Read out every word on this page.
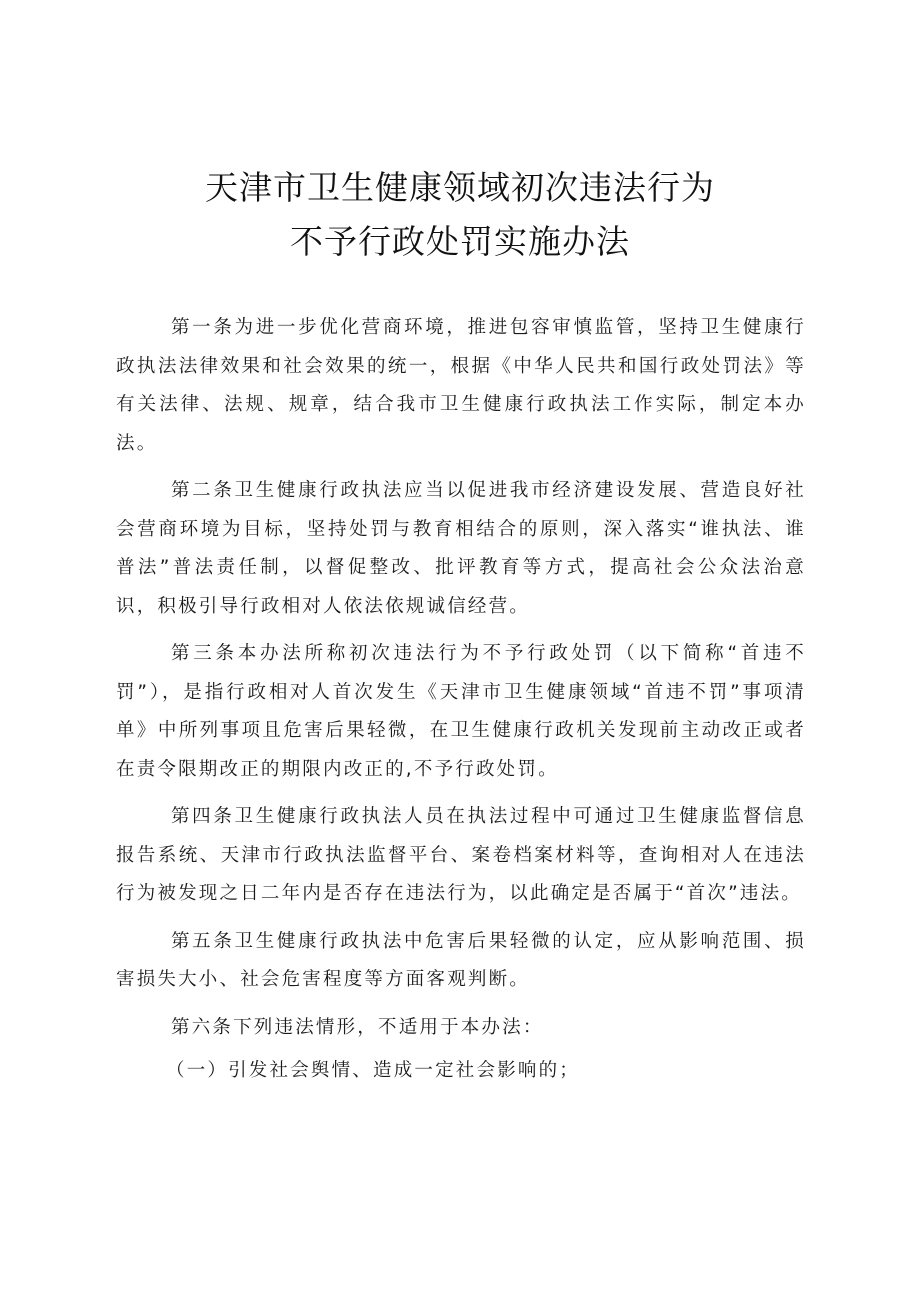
天津市卫生健康领域初次违法行为
不予行政处罚实施办法

第一条为进一步优化营商环境，推进包容审慎监管，坚持卫生健康行政执法法律效果和社会效果的统一，根据《中华人民共和国行政处罚法》等有关法律、法规、规章，结合我市卫生健康行政执法工作实际，制定本办法。

第二条卫生健康行政执法应当以促进我市经济建设发展、营造良好社会营商环境为目标，坚持处罚与教育相结合的原则，深入落实“谁执法、谁普法”普法责任制，以督促整改、批评教育等方式，提高社会公众法治意识，积极引导行政相对人依法依规诚信经营。

第三条本办法所称初次违法行为不予行政处罚（以下简称“首违不罚”），是指行政相对人首次发生《天津市卫生健康领域“首违不罚”事项清单》中所列事项且危害后果轻微，在卫生健康行政机关发现前主动改正或者在责令限期改正的期限内改正的,不予行政处罚。

第四条卫生健康行政执法人员在执法过程中可通过卫生健康监督信息报告系统、天津市行政执法监督平台、案卷档案材料等，查询相对人在违法行为被发现之日二年内是否存在违法行为，以此确定是否属于“首次”违法。

第五条卫生健康行政执法中危害后果轻微的认定，应从影响范围、损害损失大小、社会危害程度等方面客观判断。

第六条下列违法情形，不适用于本办法：

（一）引发社会舆情、造成一定社会影响的；
